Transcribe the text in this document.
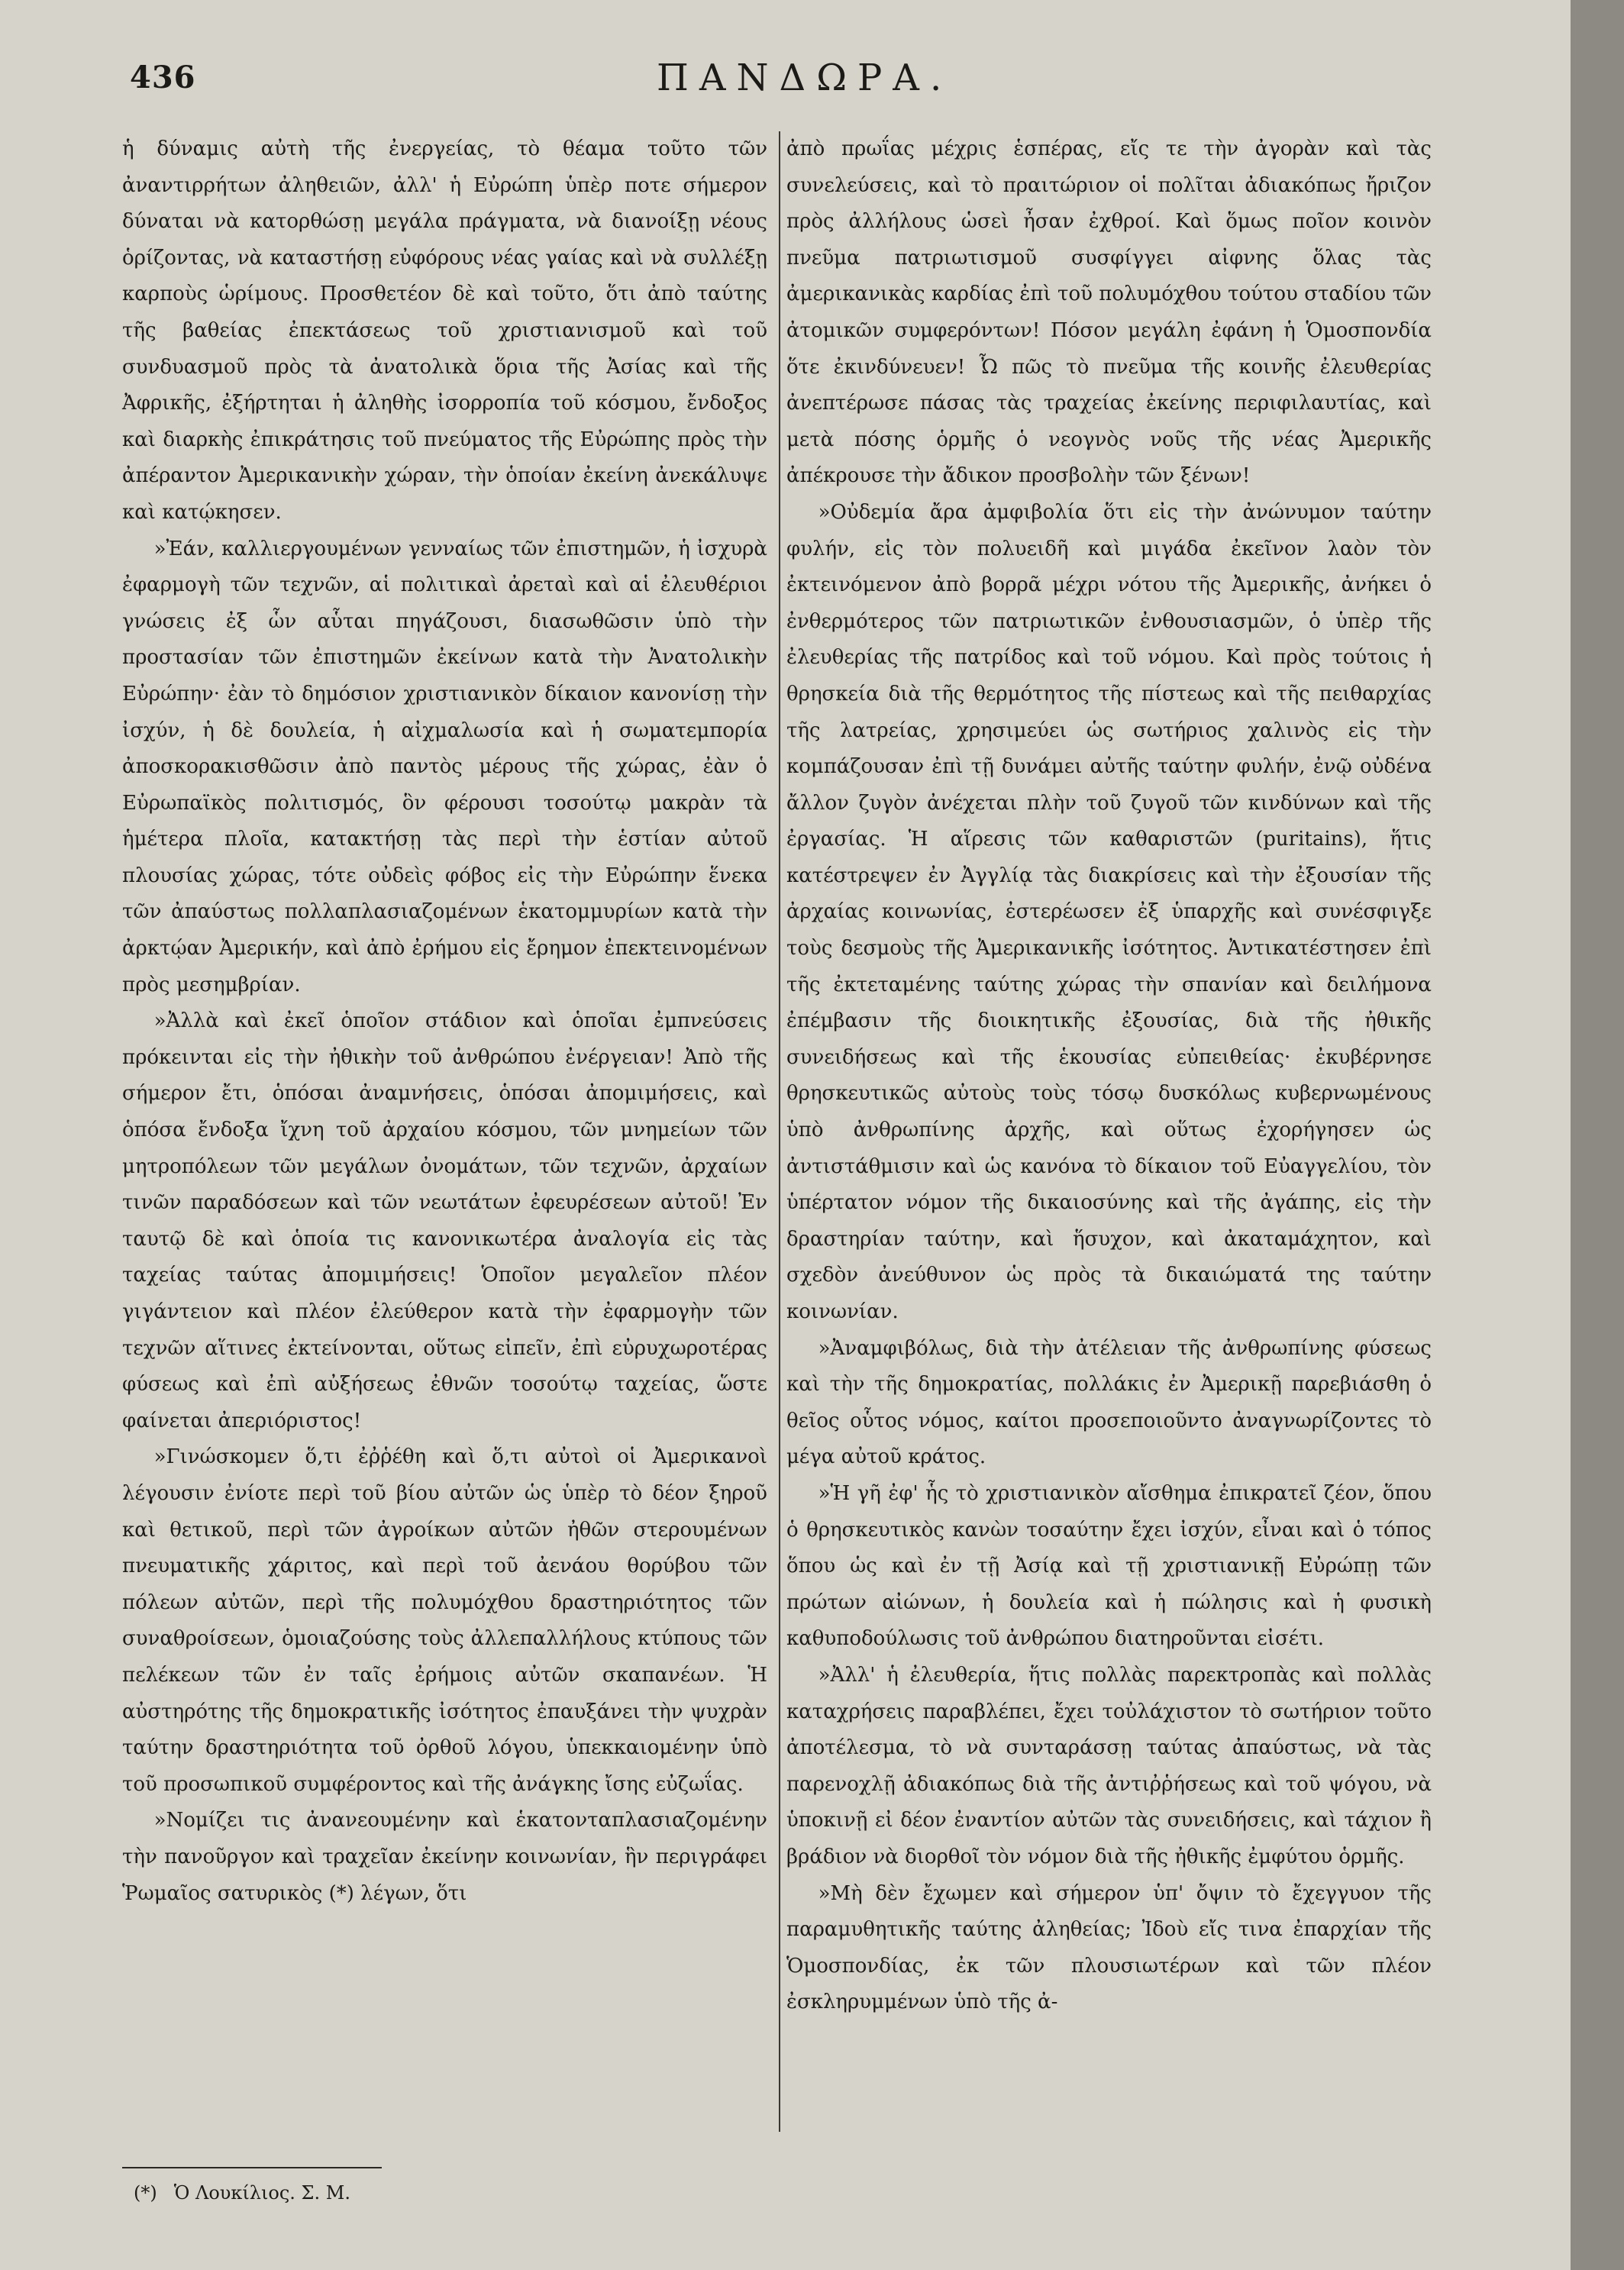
436	ΠΑΝΔΩΡΑ.

ἡ δύναμις αὐτὴ τῆς ἐνεργείας, τὸ θέαμα τοῦτο τῶν ἀναντιρρήτων ἀληθειῶν, ἀλλ' ἡ Εὐρώπη ὑπὲρ ποτε σήμερον δύναται νὰ κατορθώσῃ μεγάλα πράγματα, νὰ διανοίξῃ νέους ὁρίζοντας, νὰ καταστήσῃ εὐφόρους νέας γαίας καὶ νὰ συλλέξῃ καρποὺς ὡρίμους. Προσθετέον δὲ καὶ τοῦτο, ὅτι ἀπὸ ταύτης τῆς βαθείας ἐπεκτάσεως τοῦ χριστιανισμοῦ καὶ τοῦ συνδυασμοῦ πρὸς τὰ ἀνατολικὰ ὅρια τῆς Ἀσίας καὶ τῆς Ἀφρικῆς, ἐξήρτηται ἡ ἀληθὴς ἰσορροπία τοῦ κόσμου, ἔνδοξος καὶ διαρκὴς ἐπικράτησις τοῦ πνεύματος τῆς Εὐρώπης πρὸς τὴν ἀπέραντον Ἀμερικανικὴν χώραν, τὴν ὁποίαν ἐκείνη ἀνεκάλυψε καὶ κατῴκησεν.

»Ἐάν, καλλιεργουμένων γενναίως τῶν ἐπιστημῶν, ἡ ἰσχυρὰ ἐφαρμογὴ τῶν τεχνῶν, αἱ πολιτικαὶ ἀρεταὶ καὶ αἱ ἐλευθέριοι γνώσεις ἐξ ὧν αὗται πηγάζουσι, διασωθῶσιν ὑπὸ τὴν προστασίαν τῶν ἐπιστημῶν ἐκείνων κατὰ τὴν Ἀνατολικὴν Εὐρώπην· ἐὰν τὸ δημόσιον χριστιανικὸν δίκαιον κανονίσῃ τὴν ἰσχύν, ἡ δὲ δουλεία, ἡ αἰχμαλωσία καὶ ἡ σωματεμπορία ἀποσκορακισθῶσιν ἀπὸ παντὸς μέρους τῆς χώρας, ἐὰν ὁ Εὐρωπαϊκὸς πολιτισμός, ὃν φέρουσι τοσούτῳ μακρὰν τὰ ἡμέτερα πλοῖα, κατακτήσῃ τὰς περὶ τὴν ἑστίαν αὐτοῦ πλουσίας χώρας, τότε οὐδεὶς φόβος εἰς τὴν Εὐρώπην ἕνεκα τῶν ἀπαύστως πολλαπλασιαζομένων ἑκατομμυρίων κατὰ τὴν ἀρκτῴαν Ἀμερικήν, καὶ ἀπὸ ἐρήμου εἰς ἔρημον ἐπεκτεινομένων πρὸς μεσημβρίαν.

»Ἀλλὰ καὶ ἐκεῖ ὁποῖον στάδιον καὶ ὁποῖαι ἐμπνεύσεις πρόκεινται εἰς τὴν ἠθικὴν τοῦ ἀνθρώπου ἐνέργειαν! Ἀπὸ τῆς σήμερον ἔτι, ὁπόσαι ἀναμνήσεις, ὁπόσαι ἀπομιμήσεις, καὶ ὁπόσα ἔνδοξα ἴχνη τοῦ ἀρχαίου κόσμου, τῶν μνημείων τῶν μητροπόλεων τῶν μεγάλων ὀνομάτων, τῶν τεχνῶν, ἀρχαίων τινῶν παραδόσεων καὶ τῶν νεωτάτων ἐφευρέσεων αὐτοῦ! Ἐν ταυτῷ δὲ καὶ ὁποία τις κανονικωτέρα ἀναλογία εἰς τὰς ταχείας ταύτας ἀπομιμήσεις! Ὁποῖον μεγαλεῖον πλέον γιγάντειον καὶ πλέον ἐλεύθερον κατὰ τὴν ἐφαρμογὴν τῶν τεχνῶν αἵτινες ἐκτείνονται, οὕτως εἰπεῖν, ἐπὶ εὐρυχωροτέρας φύσεως καὶ ἐπὶ αὐξήσεως ἐθνῶν τοσούτῳ ταχείας, ὥστε φαίνεται ἀπεριόριστος!

»Γινώσκομεν ὅ,τι ἐῤῥέθη καὶ ὅ,τι αὐτοὶ οἱ Ἀμερικανοὶ λέγουσιν ἐνίοτε περὶ τοῦ βίου αὐτῶν ὡς ὑπὲρ τὸ δέον ξηροῦ καὶ θετικοῦ, περὶ τῶν ἀγροίκων αὐτῶν ἠθῶν στερουμένων πνευματικῆς χάριτος, καὶ περὶ τοῦ ἀενάου θορύβου τῶν πόλεων αὐτῶν, περὶ τῆς πολυμόχθου δραστηριότητος τῶν συναθροίσεων, ὁμοιαζούσης τοὺς ἀλλεπαλλήλους κτύπους τῶν πελέκεων τῶν ἐν ταῖς ἐρήμοις αὐτῶν σκαπανέων. Ἡ αὐστηρότης τῆς δημοκρατικῆς ἰσότητος ἐπαυξάνει τὴν ψυχρὰν ταύτην δραστηριότητα τοῦ ὀρθοῦ λόγου, ὑπεκκαιομένην ὑπὸ τοῦ προσωπικοῦ συμφέροντος καὶ τῆς ἀνάγκης ἴσης εὐζωΐας.

»Νομίζει τις ἀνανεουμένην καὶ ἑκατονταπλασιαζομένην τὴν πανοῦργον καὶ τραχεῖαν ἐκείνην κοινωνίαν, ἣν περιγράφει Ῥωμαῖος σατυρικὸς (*) λέγων, ὅτι

ἀπὸ πρωΐας μέχρις ἑσπέρας, εἴς τε τὴν ἀγορὰν καὶ τὰς συνελεύσεις, καὶ τὸ πραιτώριον οἱ πολῖται ἀδιακόπως ἤριζον πρὸς ἀλλήλους ὡσεὶ ἦσαν ἐχθροί. Καὶ ὅμως ποῖον κοινὸν πνεῦμα πατριωτισμοῦ συσφίγγει αἰφνης ὅλας τὰς ἀμερικανικὰς καρδίας ἐπὶ τοῦ πολυμόχθου τούτου σταδίου τῶν ἀτομικῶν συμφερόντων! Πόσον μεγάλη ἐφάνη ἡ Ὁμοσπονδία ὅτε ἐκινδύνευεν! Ὦ πῶς τὸ πνεῦμα τῆς κοινῆς ἐλευθερίας ἀνεπτέρωσε πάσας τὰς τραχείας ἐκείνης περιφιλαυτίας, καὶ μετὰ πόσης ὁρμῆς ὁ νεογνὸς νοῦς τῆς νέας Ἀμερικῆς ἀπέκρουσε τὴν ἄδικον προσβολὴν τῶν ξένων!

»Οὐδεμία ἄρα ἀμφιβολία ὅτι εἰς τὴν ἀνώνυμον ταύτην φυλήν, εἰς τὸν πολυειδῆ καὶ μιγάδα ἐκεῖνον λαὸν τὸν ἐκτεινόμενον ἀπὸ βορρᾶ μέχρι νότου τῆς Ἀμερικῆς, ἀνήκει ὁ ἐνθερμότερος τῶν πατριωτικῶν ἐνθουσιασμῶν, ὁ ὑπὲρ τῆς ἐλευθερίας τῆς πατρίδος καὶ τοῦ νόμου. Καὶ πρὸς τούτοις ἡ θρησκεία διὰ τῆς θερμότητος τῆς πίστεως καὶ τῆς πειθαρχίας τῆς λατρείας, χρησιμεύει ὡς σωτήριος χαλινὸς εἰς τὴν κομπάζουσαν ἐπὶ τῇ δυνάμει αὐτῆς ταύτην φυλήν, ἐνῷ οὐδένα ἄλλον ζυγὸν ἀνέχεται πλὴν τοῦ ζυγοῦ τῶν κινδύνων καὶ τῆς ἐργασίας. Ἡ αἵρεσις τῶν καθαριστῶν (puritains), ἥτις κατέστρεψεν ἐν Ἀγγλίᾳ τὰς διακρίσεις καὶ τὴν ἐξουσίαν τῆς ἀρχαίας κοινωνίας, ἐστερέωσεν ἐξ ὑπαρχῆς καὶ συνέσφιγξε τοὺς δεσμοὺς τῆς Ἀμερικανικῆς ἰσότητος. Ἀντικατέστησεν ἐπὶ τῆς ἐκτεταμένης ταύτης χώρας τὴν σπανίαν καὶ δειλήμονα ἐπέμβασιν τῆς διοικητικῆς ἐξουσίας, διὰ τῆς ἠθικῆς συνειδήσεως καὶ τῆς ἑκουσίας εὐπειθείας· ἐκυβέρνησε θρησκευτικῶς αὐτοὺς τοὺς τόσῳ δυσκόλως κυβερνωμένους ὑπὸ ἀνθρωπίνης ἀρχῆς, καὶ οὕτως ἐχορήγησεν ὡς ἀντιστάθμισιν καὶ ὡς κανόνα τὸ δίκαιον τοῦ Εὐαγγελίου, τὸν ὑπέρτατον νόμον τῆς δικαιοσύνης καὶ τῆς ἀγάπης, εἰς τὴν δραστηρίαν ταύτην, καὶ ἥσυχον, καὶ ἀκαταμάχητον, καὶ σχεδὸν ἀνεύθυνον ὡς πρὸς τὰ δικαιώματά της ταύτην κοινωνίαν.

»Ἀναμφιβόλως, διὰ τὴν ἀτέλειαν τῆς ἀνθρωπίνης φύσεως καὶ τὴν τῆς δημοκρατίας, πολλάκις ἐν Ἀμερικῇ παρεβιάσθη ὁ θεῖος οὗτος νόμος, καίτοι προσεποιοῦντο ἀναγνωρίζοντες τὸ μέγα αὐτοῦ κράτος.

»Ἡ γῆ ἐφ' ἧς τὸ χριστιανικὸν αἴσθημα ἐπικρατεῖ ζέον, ὅπου ὁ θρησκευτικὸς κανὼν τοσαύτην ἔχει ἰσχύν, εἶναι καὶ ὁ τόπος ὅπου ὡς καὶ ἐν τῇ Ἀσίᾳ καὶ τῇ χριστιανικῇ Εὐρώπῃ τῶν πρώτων αἰώνων, ἡ δουλεία καὶ ἡ πώλησις καὶ ἡ φυσικὴ καθυποδούλωσις τοῦ ἀνθρώπου διατηροῦνται εἰσέτι.

»Ἀλλ' ἡ ἐλευθερία, ἥτις πολλὰς παρεκτροπὰς καὶ πολλὰς καταχρήσεις παραβλέπει, ἔχει τοὐλάχιστον τὸ σωτήριον τοῦτο ἀποτέλεσμα, τὸ νὰ συνταράσσῃ ταύτας ἀπαύστως, νὰ τὰς παρενοχλῇ ἀδιακόπως διὰ τῆς ἀντιῤῥήσεως καὶ τοῦ ψόγου, νὰ ὑποκινῇ εἰ δέον ἐναντίον αὐτῶν τὰς συνειδήσεις, καὶ τάχιον ἢ βράδιον νὰ διορθοῖ τὸν νόμον διὰ τῆς ἠθικῆς ἐμφύτου ὁρμῆς.

»Μὴ δὲν ἔχωμεν καὶ σήμερον ὑπ' ὄψιν τὸ ἔχεγγυον τῆς παραμυθητικῆς ταύτης ἀληθείας; Ἰδοὺ εἴς τινα ἐπαρχίαν τῆς Ὁμοσπονδίας, ἐκ τῶν πλουσιωτέρων καὶ τῶν πλέον ἐσκληρυμμένων ὑπὸ τῆς ἀ-

(*) Ὁ Λουκίλιος. Σ. Μ.
